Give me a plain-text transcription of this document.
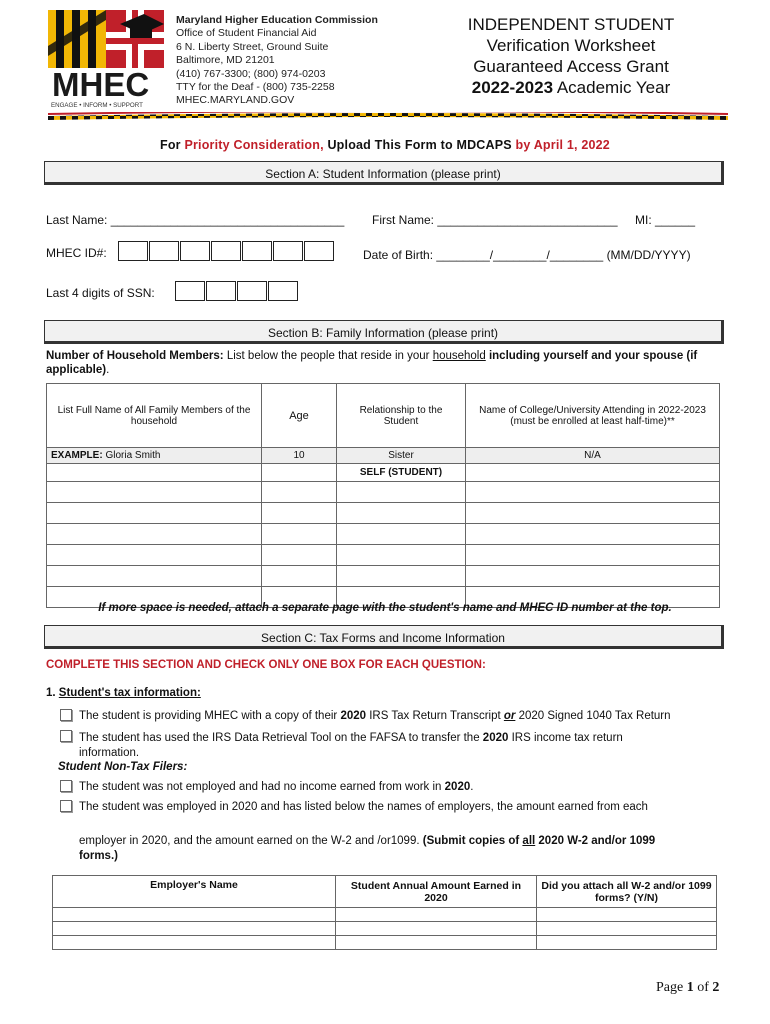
MHEC
ENGAGE • INFORM • SUPPORT
Maryland Higher Education Commission
Office of Student Financial Aid
6 N. Liberty Street, Ground Suite
Baltimore, MD 21201
(410) 767-3300; (800) 974-0203
TTY for the Deaf - (800) 735-2258
MHEC.MARYLAND.GOV
INDEPENDENT STUDENT
Verification Worksheet
Guaranteed Access Grant
2022-2023 Academic Year
For Priority Consideration, Upload This Form to MDCAPS by April 1, 2022
Section A: Student Information (please print)
Last Name: ___________________________________ First Name: ___________________________ MI: ______
MHEC ID#:	Date of Birth: ________/________/________ (MM/DD/YYYY)
Last 4 digits of SSN:
Section B: Family Information (please print)
Number of Household Members: List below the people that reside in your household including yourself and your spouse (if applicable).
List Full Name of All Family Members of the household	Age	Relationship to the Student	Name of College/University Attending in 2022-2023 (must be enrolled at least half-time)**
EXAMPLE: Gloria Smith	10	Sister	N/A
		SELF (STUDENT)	

If more space is needed, attach a separate page with the student's name and MHEC ID number at the top.
Section C: Tax Forms and Income Information
COMPLETE THIS SECTION AND CHECK ONLY ONE BOX FOR EACH QUESTION:
1. Student's tax information:
The student is providing MHEC with a copy of their 2020 IRS Tax Return Transcript or 2020 Signed 1040 Tax Return
The student has used the IRS Data Retrieval Tool on the FAFSA to transfer the 2020 IRS income tax return
information.
Student Non-Tax Filers:
The student was not employed and had no income earned from work in 2020.
The student was employed in 2020 and has listed below the names of employers, the amount earned from each
employer in 2020, and the amount earned on the W-2 and /or1099. (Submit copies of all 2020 W-2 and/or 1099
forms.)
Employer's Name	Student Annual Amount Earned in 2020	Did you attach all W-2 and/or 1099 forms? (Y/N)

Page 1 of 2
